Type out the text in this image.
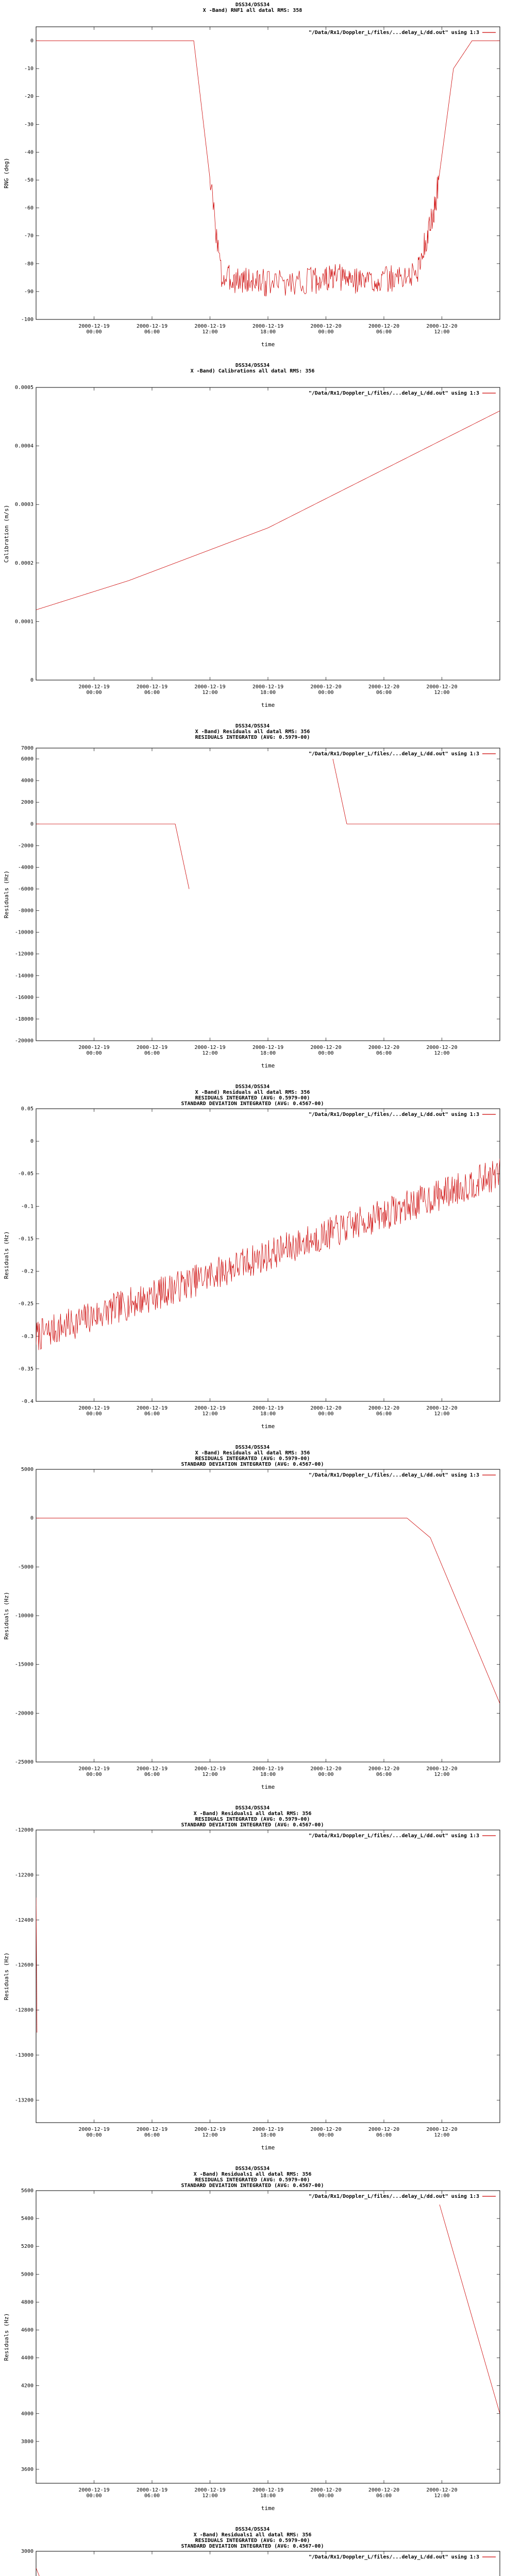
DSS34/DSS34
X -Band) RNF1 all datal RMS: 358
0
-10
-20
-30
-40
-50
-60
-70
-80
-90
-100
2000-12-19 00:00
2000-12-19 06:00
2000-12-19 12:00
2000-12-19 18:00
2000-12-20 00:00
2000-12-20 06:00
2000-12-20 12:00
time
RNG (deg)
"/Data/Rx1/Doppler_L/files/...delay_L/dd.out" using 1:3
DSS34/DSS34
X -Band) Calibrations all datal RMS: 356
0.0005
0.0004
0.0003
0.0002
0.0001
0
2000-12-19 00:00
2000-12-19 06:00
2000-12-19 12:00
2000-12-19 18:00
2000-12-20 00:00
2000-12-20 06:00
2000-12-20 12:00
time
Calibration (m/s)
"/Data/Rx1/Doppler_L/files/...delay_L/dd.out" using 1:3
DSS34/DSS34
X -Band) Residuals all datal RMS: 356
RESIDUALS INTEGRATED (AVG: 0.5979-00)
7000
6000
4000
2000
0
-2000
-4000
-6000
-8000
-10000
-12000
-14000
-16000
-18000
-20000
2000-12-19 00:00
2000-12-19 06:00
2000-12-19 12:00
2000-12-19 18:00
2000-12-20 00:00
2000-12-20 06:00
2000-12-20 12:00
time
Residuals (Hz)
"/Data/Rx1/Doppler_L/files/...delay_L/dd.out" using 1:3
DSS34/DSS34
X -Band) Residuals all datal RMS: 356
RESIDUALS INTEGRATED (AVG: 0.5979-00)
STANDARD DEVIATION INTEGRATED (AVG: 0.4567-00)
0.05
0
-0.05
-0.1
-0.15
-0.2
-0.25
-0.3
-0.35
-0.4
2000-12-19 00:00
2000-12-19 06:00
2000-12-19 12:00
2000-12-19 18:00
2000-12-20 00:00
2000-12-20 06:00
2000-12-20 12:00
time
Residuals (Hz)
"/Data/Rx1/Doppler_L/files/...delay_L/dd.out" using 1:3
DSS34/DSS34
X -Band) Residuals all datal RMS: 356
RESIDUALS INTEGRATED (AVG: 0.5979-00)
STANDARD DEVIATION INTEGRATED (AVG: 0.4567-00)
5000
0
-5000
-10000
-15000
-20000
-25000
2000-12-19 00:00
2000-12-19 06:00
2000-12-19 12:00
2000-12-19 18:00
2000-12-20 00:00
2000-12-20 06:00
2000-12-20 12:00
time
Residuals (Hz)
"/Data/Rx1/Doppler_L/files/...delay_L/dd.out" using 1:3
DSS34/DSS34
X -Band) Residuals1 all datal RMS: 356
RESIDUALS INTEGRATED (AVG: 0.5979-00)
STANDARD DEVIATION INTEGRATED (AVG: 0.4567-00)
-12000
-12200
-12400
-12600
-12800
-13000
-13200
2000-12-19 00:00
2000-12-19 06:00
2000-12-19 12:00
2000-12-19 18:00
2000-12-20 00:00
2000-12-20 06:00
2000-12-20 12:00
time
Residuals (Hz)
"/Data/Rx1/Doppler_L/files/...delay_L/dd.out" using 1:3
DSS34/DSS34
X -Band) Residuals1 all datal RMS: 356
RESIDUALS INTEGRATED (AVG: 0.5979-00)
STANDARD DEVIATION INTEGRATED (AVG: 0.4567-00)
5600
5400
5200
5000
4800
4600
4400
4200
4000
3800
3600
2000-12-19 00:00
2000-12-19 06:00
2000-12-19 12:00
2000-12-19 18:00
2000-12-20 00:00
2000-12-20 06:00
2000-12-20 12:00
time
Residuals (Hz)
"/Data/Rx1/Doppler_L/files/...delay_L/dd.out" using 1:3
DSS34/DSS34
X -Band) Residuals1 all datal RMS: 356
RESIDUALS INTEGRATED (AVG: 0.5979-00)
STANDARD DEVIATION INTEGRATED (AVG: 0.4567-00)
3000
"/Data/Rx1/Doppler_L/files/...delay_L/dd.out" using 1:3
